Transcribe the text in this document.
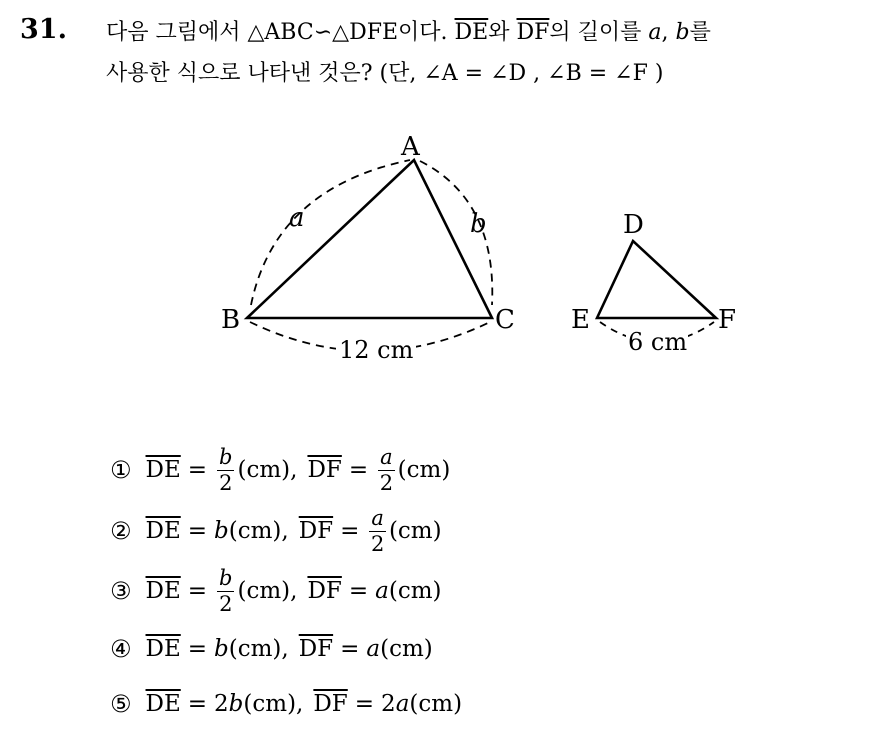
31. 다음 그림에서 △ABC∽△DFE이다. $\overline{DE}$와 $\overline{DF}$의 길이를 a, b를
사용한 식으로 나타낸 것은? (단, ∠A = ∠D , ∠B = ∠F )
A
B	C
a	b
12 cm
D
E	F
6 cm
① $\overline{DE} = \frac{b}{2} (cm)$, $\overline{DF} = \frac{a}{2} (cm)$
② $\overline{DE} = b$ (cm), $\overline{DF} = \frac{a}{2} (cm)$
③ $\overline{DE} = \frac{b}{2} (cm)$, $\overline{DF} = a$ (cm)
④ $\overline{DE} = b$ (cm), $\overline{DF} = a$ (cm)
⑤ $\overline{DE} = 2$ b (cm), $\overline{DF} = 2$ a (cm)
